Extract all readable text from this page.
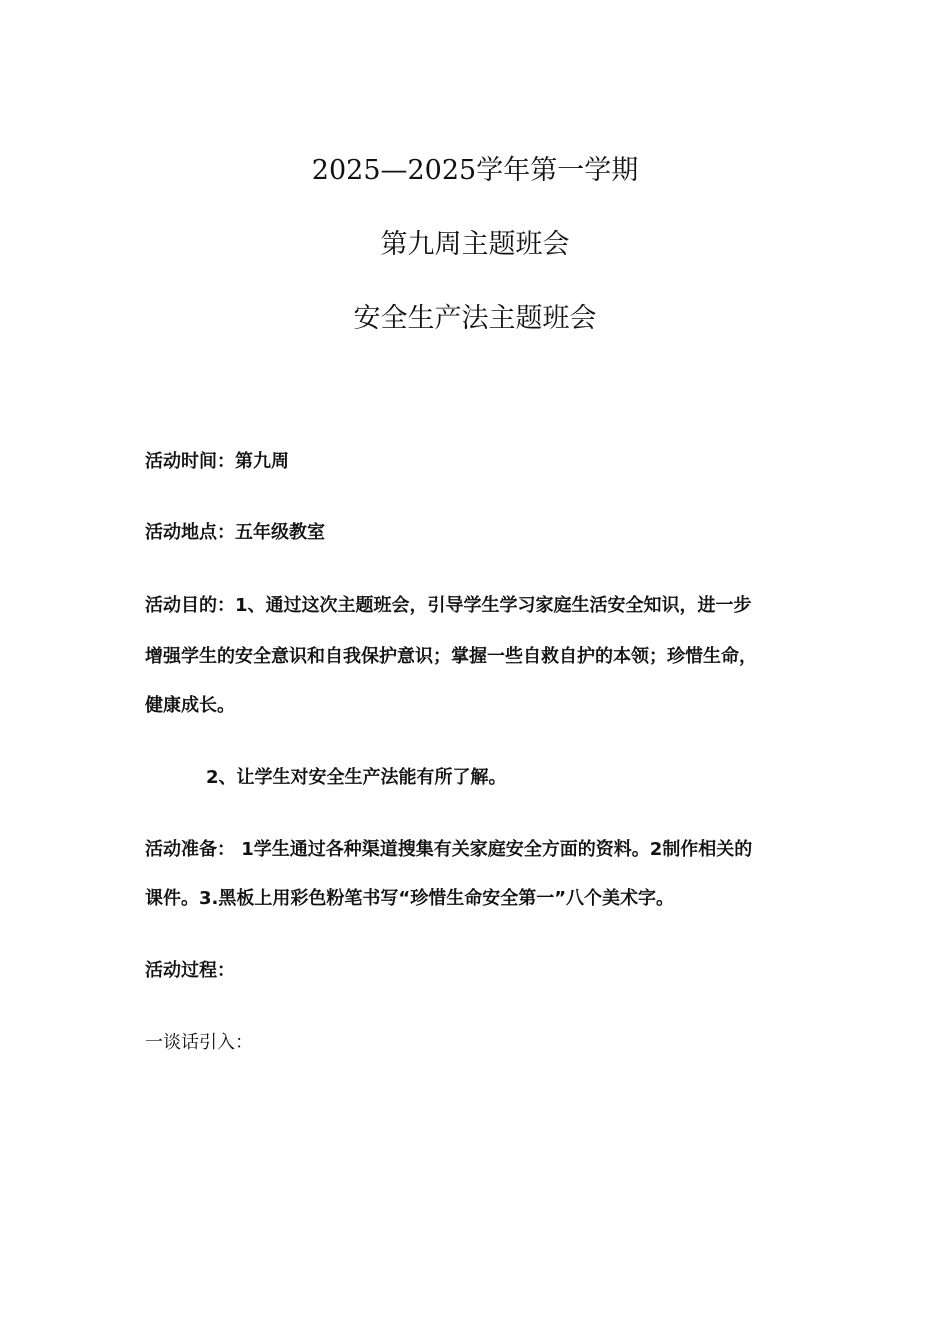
2025—2025学年第一学期
第九周主题班会
安全生产法主题班会

活动时间：第九周

活动地点：五年级教室

活动目的：1、通过这次主题班会，引导学生学习家庭生活安全知识，进一步

增强学生的安全意识和自我保护意识；掌握一些自救自护的本领；珍惜生命，

健康成长。

2、让学生对安全生产法能有所了解。

活动准备： 1学生通过各种渠道搜集有关家庭安全方面的资料。2制作相关的

课件。3.黑板上用彩色粉笔书写“珍惜生命安全第一”八个美术字。

活动过程：

一谈话引入：
